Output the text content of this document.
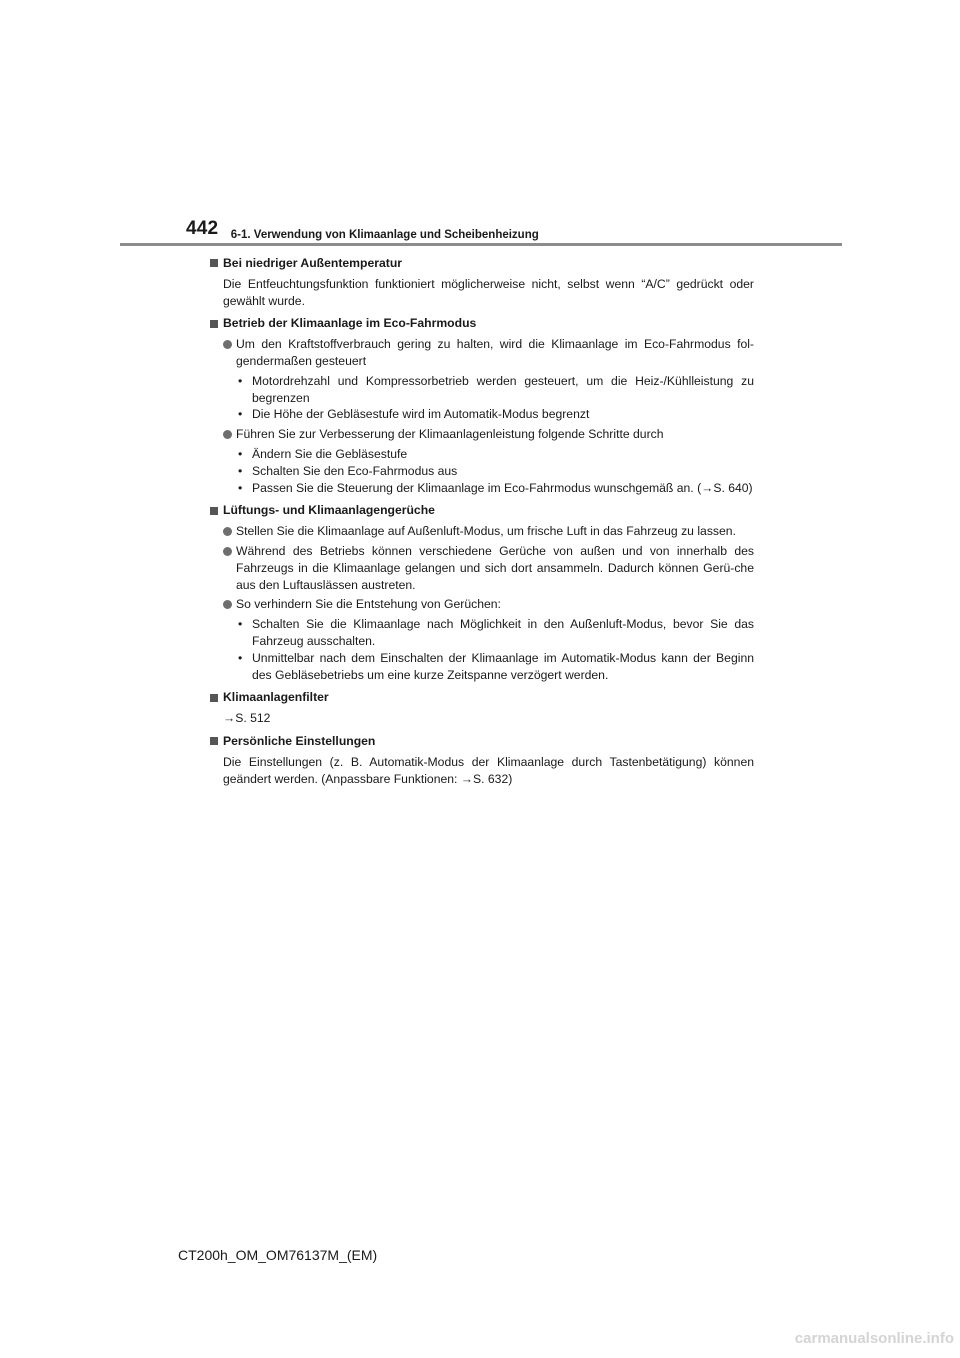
442 $_{6-1. Verwendung von Klimaanlage und Scheibenheizung}$
Bei niedriger Außentemperatur
Die Entfeuchtungsfunktion funktioniert möglicherweise nicht, selbst wenn “A/C” gedrückt oder gewählt wurde.
Betrieb der Klimaanlage im Eco-Fahrmodus
Um den Kraftstoffverbrauch gering zu halten, wird die Klimaanlage im Eco-Fahrmodus fol-gendermaßen gesteuert
• Motordrehzahl und Kompressorbetrieb werden gesteuert, um die Heiz-/Kühlleistung zu begrenzen
• Die Höhe der Gebläsestufe wird im Automatik-Modus begrenzt
Führen Sie zur Verbesserung der Klimaanlagenleistung folgende Schritte durch
• Ändern Sie die Gebläsestufe
• Schalten Sie den Eco-Fahrmodus aus
• Passen Sie die Steuerung der Klimaanlage im Eco-Fahrmodus wunschgemäß an. (→S. 640)
Lüftungs- und Klimaanlagengerüche
Stellen Sie die Klimaanlage auf Außenluft-Modus, um frische Luft in das Fahrzeug zu lassen.
Während des Betriebs können verschiedene Gerüche von außen und von innerhalb des Fahrzeugs in die Klimaanlage gelangen und sich dort ansammeln. Dadurch können Gerü-che aus den Luftauslässen austreten.
So verhindern Sie die Entstehung von Gerüchen:
• Schalten Sie die Klimaanlage nach Möglichkeit in den Außenluft-Modus, bevor Sie das Fahrzeug ausschalten.
• Unmittelbar nach dem Einschalten der Klimaanlage im Automatik-Modus kann der Beginn des Gebläsebetriebs um eine kurze Zeitspanne verzögert werden.
Klimaanlagenfilter
→S. 512
Persönliche Einstellungen
Die Einstellungen (z. B. Automatik-Modus der Klimaanlage durch Tastenbetätigung) können geändert werden. (Anpassbare Funktionen: →S. 632)
CT200h_OM_OM76137M_(EM)
carmanualsonline.info
